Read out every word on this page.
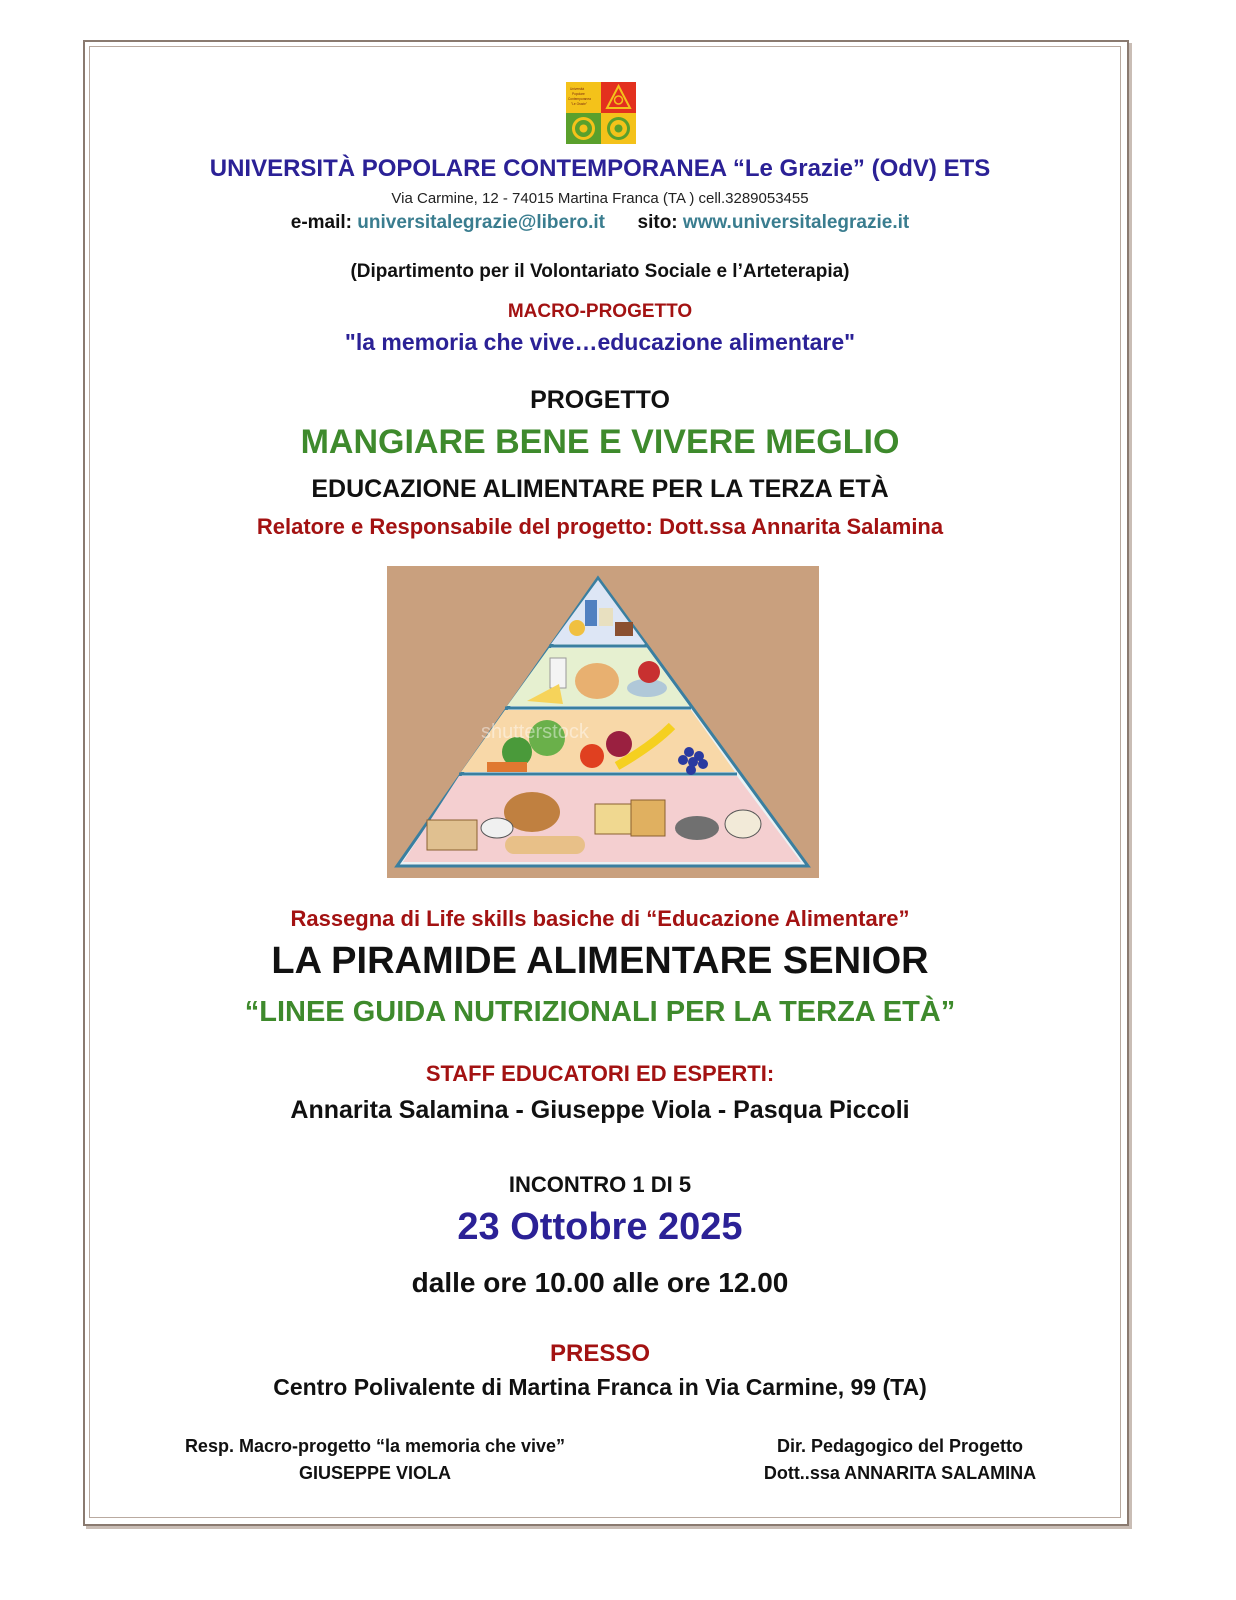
Università
Popolare
Contemporanea
"Le Grazie"
UNIVERSITÀ POPOLARE CONTEMPORANEA “Le Grazie” (OdV) ETS
Via Carmine, 12 - 74015 Martina Franca (TA ) cell.3289053455
e-mail: universitalegrazie@libero.it sito: www.universitalegrazie.it
(Dipartimento per il Volontariato Sociale e l’Arteterapia)
MACRO-PROGETTO
"la memoria che vive…educazione alimentare"
PROGETTO
MANGIARE BENE E VIVERE MEGLIO
EDUCAZIONE ALIMENTARE PER LA TERZA ETÀ
Relatore e Responsabile del progetto: Dott.ssa Annarita Salamina
shutterstock
Rassegna di Life skills basiche di “Educazione Alimentare”
LA PIRAMIDE ALIMENTARE SENIOR
“LINEE GUIDA NUTRIZIONALI PER LA TERZA ETÀ”
STAFF EDUCATORI ED ESPERTI:
Annarita Salamina - Giuseppe Viola - Pasqua Piccoli
INCONTRO 1 DI 5
23 Ottobre 2025
dalle ore 10.00 alle ore 12.00
PRESSO
Centro Polivalente di Martina Franca in Via Carmine, 99 (TA)
Resp. Macro-progetto “la memoria che vive”
GIUSEPPE VIOLA
Dir. Pedagogico del Progetto
Dott..ssa ANNARITA SALAMINA
